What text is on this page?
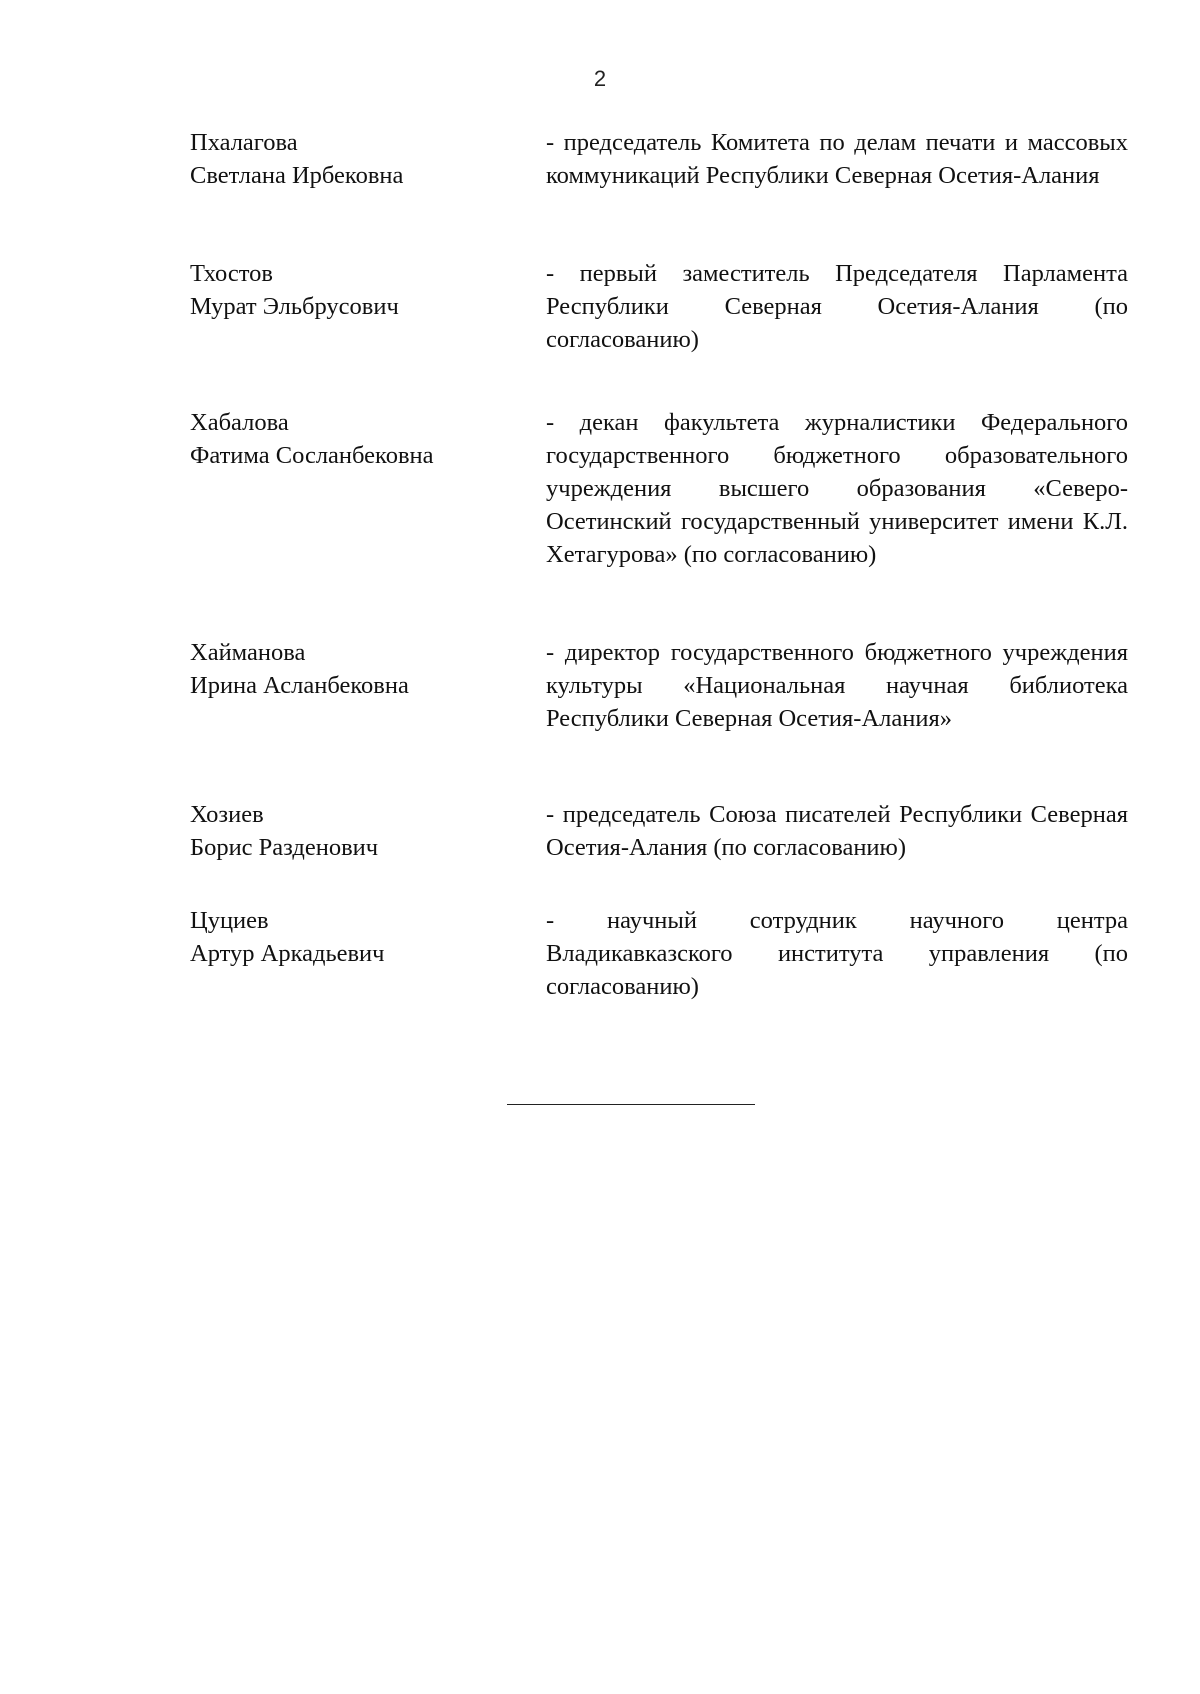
2
Пхалагова
Светлана Ирбековна
- председатель Комитета по делам печати и массовых коммуникаций Республики Северная Осетия-Алания
Тхостов
Мурат Эльбрусович
- первый заместитель Председателя Парламента Республики Северная Осетия-Алания (по согласованию)
Хабалова
Фатима Сосланбековна
- декан факультета журналистики Федерального государственного бюджетного образовательного учреждения высшего образования «Северо-Осетинский государственный университет имени К.Л. Хетагурова» (по согласованию)
Хайманова
Ирина Асланбековна
- директор государственного бюджетного учреждения культуры «Национальная научная библиотека Республики Северная Осетия-Алания»
Хозиев
Борис Разденович
- председатель Союза писателей Республики Северная Осетия-Алания (по согласованию)
Цуциев
Артур Аркадьевич
- научный сотрудник научного центра Владикавказского института управления (по согласованию)
